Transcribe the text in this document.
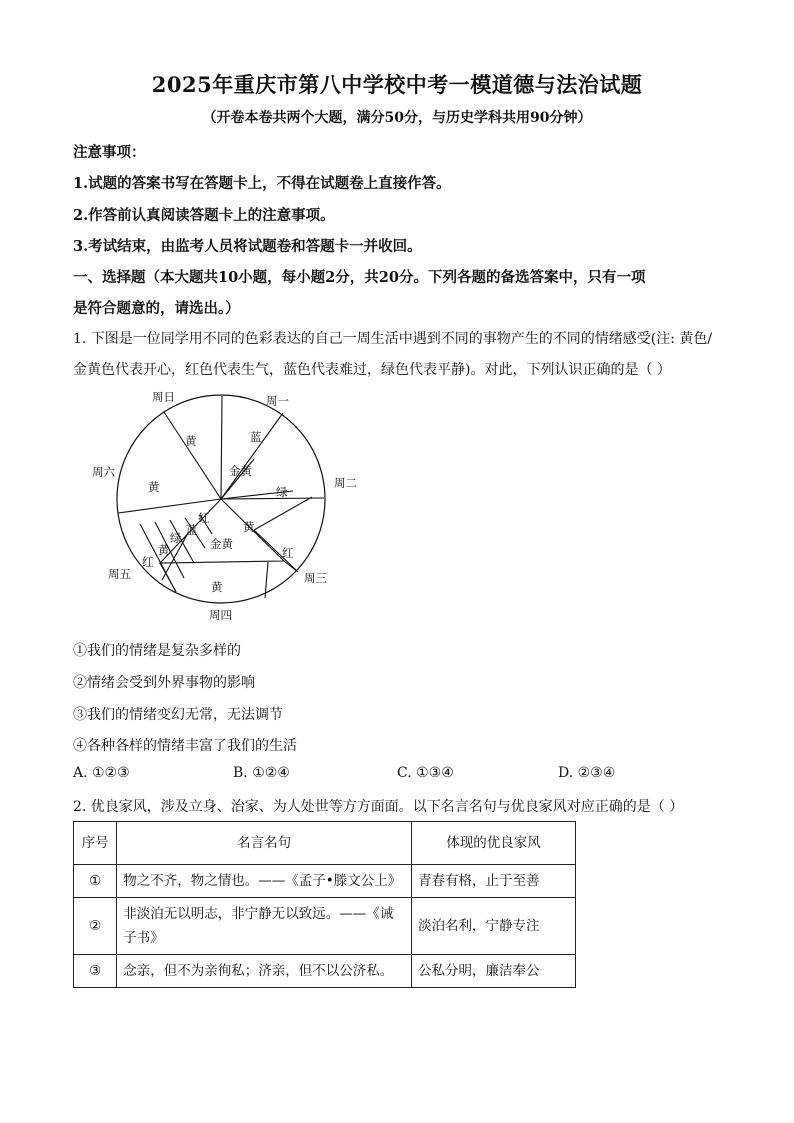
2025年重庆市第八中学校中考一模道德与法治试题
（开卷本卷共两个大题，满分50分，与历史学科共用90分钟）
注意事项：
1.试题的答案书写在答题卡上，不得在试题卷上直接作答。
2.作答前认真阅读答题卡上的注意事项。
3.考试结束，由监考人员将试题卷和答题卡一并收回。
一、选择题（本大题共10小题，每小题2分，共20分。下列各题的备选答案中，只有一项
是符合题意的，请选出。）
1. 下图是一位同学用不同的色彩表达的自己一周生活中遇到不同的事物产生的不同的情绪感受(注: 黄色/
金黄色代表开心，红色代表生气，蓝色代表难过，绿色代表平静)。对此，下列认识正确的是（ ）
周日	周一
周二
周三
周四
周五
周六
黄	蓝
金黄
绿
黄
红
黄
金黄
红
蓝
绿
黄
红
黄
①我们的情绪是复杂多样的
②情绪会受到外界事物的影响
③我们的情绪变幻无常，无法调节
④各种各样的情绪丰富了我们的生活
A. ①②③	B. ①②④	C. ①③④	D. ②③④
2. 优良家风，涉及立身、治家、为人处世等方方面面。以下名言名句与优良家风对应正确的是（ ）
序号	名言名句	体现的优良家风
①	物之不齐，物之情也。——《孟子•滕文公上》	青春有格，止于至善
②	非淡泊无以明志，非宁静无以致远。——《诫子书》	淡泊名利，宁静专注
③	念亲，但不为亲徇私；济亲，但不以公济私。	公私分明，廉洁奉公
